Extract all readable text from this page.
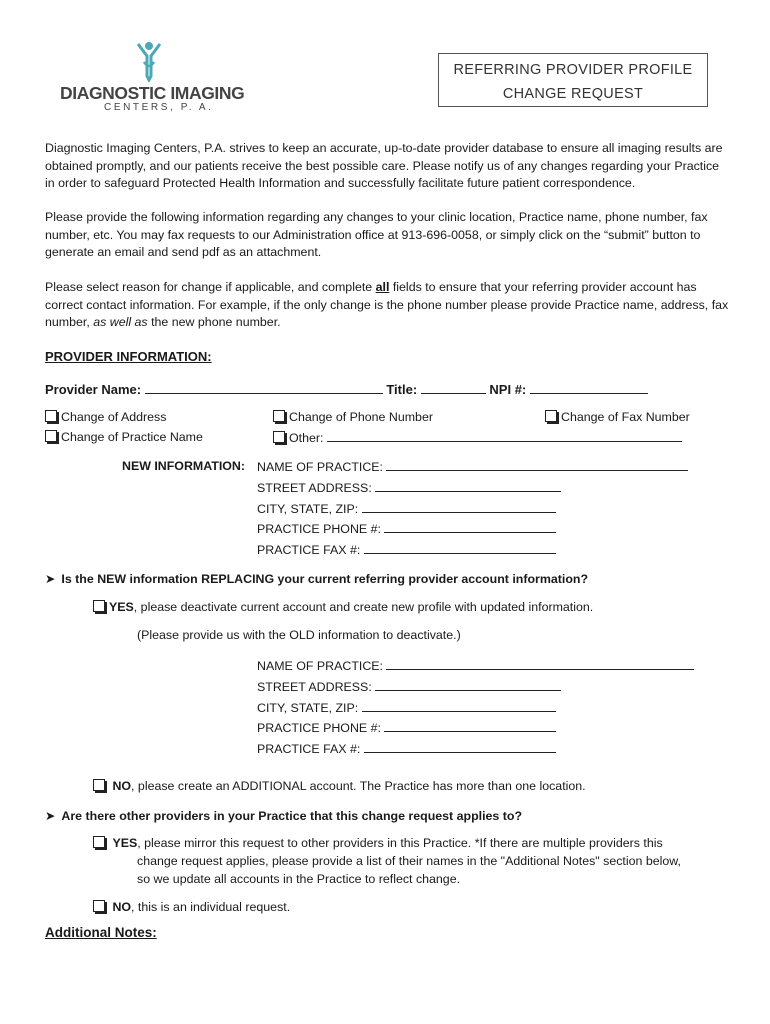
DIAGNOSTIC IMAGING
CENTERS, P. A.
REFERRING PROVIDER PROFILE
CHANGE REQUEST
Diagnostic Imaging Centers, P.A. strives to keep an accurate, up-to-date provider database to ensure all imaging results are obtained promptly, and our patients receive the best possible care. Please notify us of any changes regarding your Practice in order to safeguard Protected Health Information and successfully facilitate future patient correspondence.
Please provide the following information regarding any changes to your clinic location, Practice name, phone number, fax number, etc. You may fax requests to our Administration office at 913-696-0058, or simply click on the “submit” button to generate an email and send pdf as an attachment.
Please select reason for change if applicable, and complete all fields to ensure that your referring provider account has correct contact information. For example, if the only change is the phone number please provide Practice name, address, fax number, as well as the new phone number.
PROVIDER INFORMATION:
Provider Name:	Title:	NPI #:
Change of Address	Change of Phone Number	Change of Fax Number
Change of Practice Name	Other:
NEW INFORMATION: NAME OF PRACTICE:
STREET ADDRESS:
CITY, STATE, ZIP:
PRACTICE PHONE #:
PRACTICE FAX #:
➤ Is the NEW information REPLACING your current referring provider account information?
YES, please deactivate current account and create new profile with updated information.
(Please provide us with the OLD information to deactivate.)
NAME OF PRACTICE:
STREET ADDRESS:
CITY, STATE, ZIP:
PRACTICE PHONE #:
PRACTICE FAX #:
NO, please create an ADDITIONAL account. The Practice has more than one location.
➤ Are there other providers in your Practice that this change request applies to?
YES, please mirror this request to other providers in this Practice. *If there are multiple providers this
change request applies, please provide a list of their names in the "Additional Notes" section below,
so we update all accounts in the Practice to reflect change.
NO, this is an individual request.
Additional Notes:
